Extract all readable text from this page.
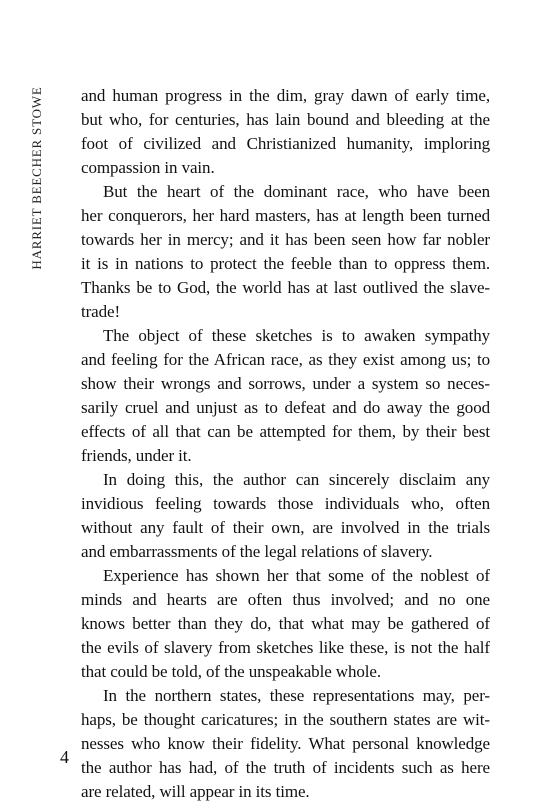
HARRIET BEECHER STOWE and human progress in the dim, gray dawn of early time,
but who, for centuries, has lain bound and bleeding at the
foot of civilized and Christianized humanity, imploring
compassion in vain.
But the heart of the dominant race, who have been
her conquerors, her hard masters, has at length been turned
towards her in mercy; and it has been seen how far nobler
it is in nations to protect the feeble than to oppress them.
Thanks be to God, the world has at last outlived the slave-
trade!
The object of these sketches is to awaken sympathy
and feeling for the African race, as they exist among us; to
show their wrongs and sorrows, under a system so neces-
sarily cruel and unjust as to defeat and do away the good
effects of all that can be attempted for them, by their best
friends, under it.
In doing this, the author can sincerely disclaim any
invidious feeling towards those individuals who, often
without any fault of their own, are involved in the trials
and embarrassments of the legal relations of slavery.
Experience has shown her that some of the noblest of
minds and hearts are often thus involved; and no one
knows better than they do, that what may be gathered of
the evils of slavery from sketches like these, is not the half
that could be told, of the unspeakable whole.
In the northern states, these representations may, per-
haps, be thought caricatures; in the southern states are wit-
nesses who know their fidelity. What personal knowledge
the author has had, of the truth of incidents such as here
are related, will appear in its time.
4
